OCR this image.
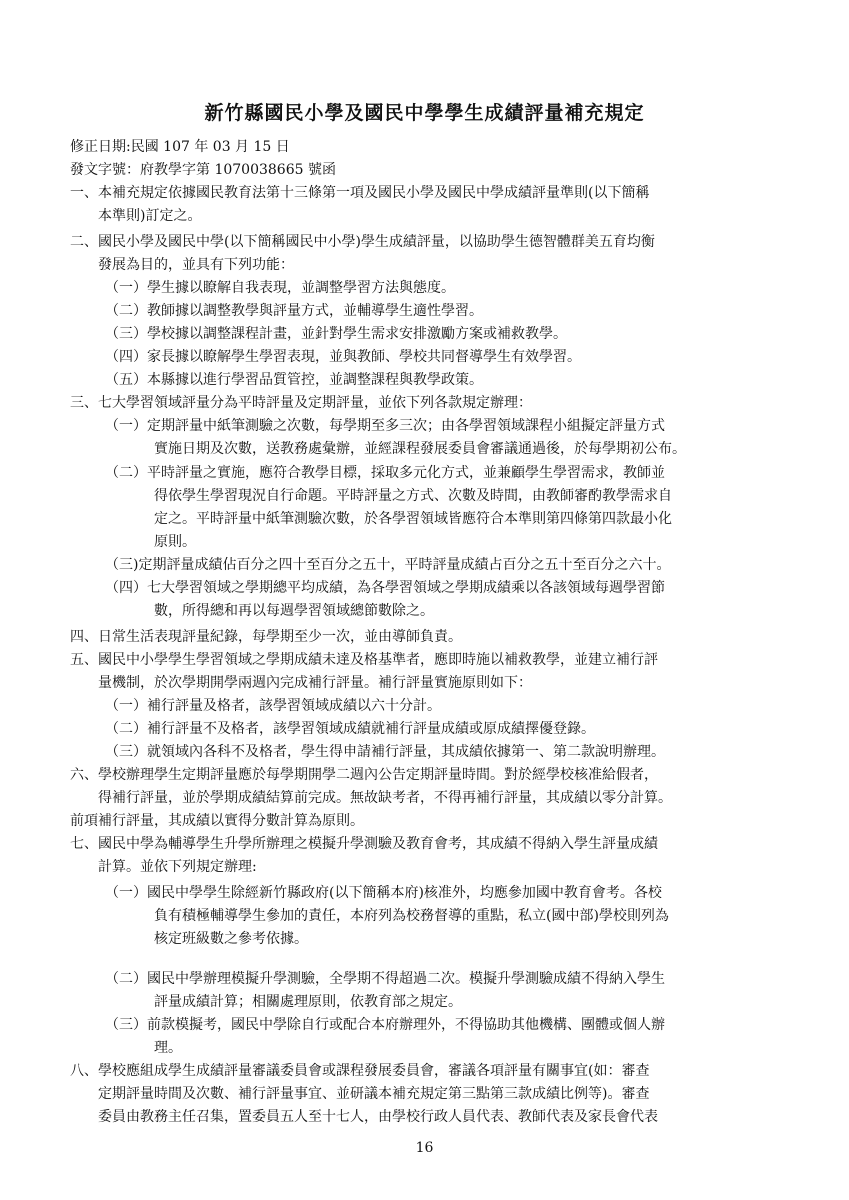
新竹縣國民小學及國民中學學生成績評量補充規定
修正日期:民國 107 年 03 月 15 日
發文字號：府教學字第 1070038665 號函
一、本補充規定依據國民教育法第十三條第一項及國民小學及國民中學成績評量準則(以下簡稱
本準則)訂定之。
二、國民小學及國民中學(以下簡稱國民中小學)學生成績評量，以協助學生德智體群美五育均衡
發展為目的，並具有下列功能：
（一）學生據以瞭解自我表現，並調整學習方法與態度。
（二）教師據以調整教學與評量方式，並輔導學生適性學習。
（三）學校據以調整課程計畫，並針對學生需求安排激勵方案或補救教學。
（四）家長據以瞭解學生學習表現，並與教師、學校共同督導學生有效學習。
（五）本縣據以進行學習品質管控，並調整課程與教學政策。
三、七大學習領域評量分為平時評量及定期評量，並依下列各款規定辦理：
（一）定期評量中紙筆測驗之次數，每學期至多三次；由各學習領域課程小組擬定評量方式
實施日期及次數，送教務處彙辦，並經課程發展委員會審議通過後，於每學期初公布。
（二）平時評量之實施，應符合教學目標，採取多元化方式，並兼顧學生學習需求，教師並
得依學生學習現況自行命題。平時評量之方式、次數及時間，由教師審酌教學需求自
定之。平時評量中紙筆測驗次數，於各學習領域皆應符合本準則第四條第四款最小化
原則。
（三)定期評量成績佔百分之四十至百分之五十，平時評量成績占百分之五十至百分之六十。
（四）七大學習領域之學期總平均成績，為各學習領域之學期成績乘以各該領域每週學習節
數，所得總和再以每週學習領域總節數除之。
四、日常生活表現評量紀錄，每學期至少一次，並由導師負責。
五、國民中小學學生學習領域之學期成績未達及格基準者，應即時施以補救教學，並建立補行評
量機制，於次學期開學兩週內完成補行評量。補行評量實施原則如下：
（一）補行評量及格者，該學習領域成績以六十分計。
（二）補行評量不及格者，該學習領域成績就補行評量成績或原成績擇優登錄。
（三）就領域內各科不及格者，學生得申請補行評量，其成績依據第一、第二款說明辦理。
六、學校辦理學生定期評量應於每學期開學二週內公告定期評量時間。對於經學校核准給假者，
得補行評量，並於學期成績結算前完成。無故缺考者，不得再補行評量，其成績以零分計算。
前項補行評量，其成績以實得分數計算為原則。
七、國民中學為輔導學生升學所辦理之模擬升學測驗及教育會考，其成績不得納入學生評量成績
計算。並依下列規定辦理:
（一）國民中學學生除經新竹縣政府(以下簡稱本府)核准外，均應參加國中教育會考。各校
負有積極輔導學生參加的責任，本府列為校務督導的重點，私立(國中部)學校則列為
核定班級數之參考依據。
（二）國民中學辦理模擬升學測驗，全學期不得超過二次。模擬升學測驗成績不得納入學生
評量成績計算；相關處理原則，依教育部之規定。
（三）前款模擬考，國民中學除自行或配合本府辦理外，不得協助其他機構、團體或個人辦
理。
八、學校應組成學生成績評量審議委員會或課程發展委員會，審議各項評量有關事宜(如：審查
定期評量時間及次數、補行評量事宜、並研議本補充規定第三點第三款成績比例等)。審查
委員由教務主任召集，置委員五人至十七人，由學校行政人員代表、教師代表及家長會代表
16
